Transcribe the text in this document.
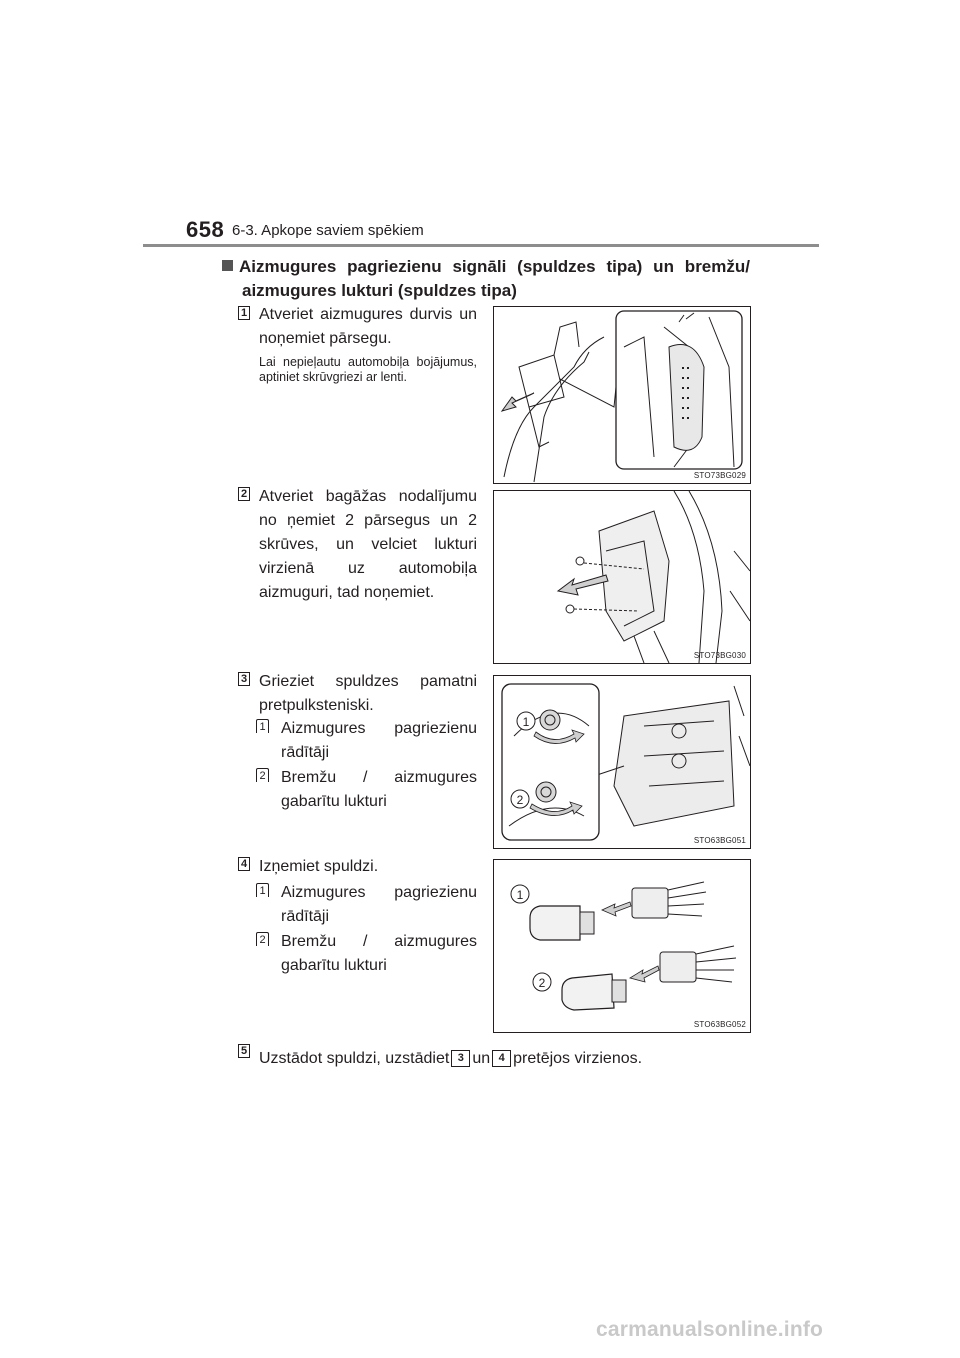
658 6-3. Apkope saviem spēkiem
Aizmugures pagriezienu signāli (spuldzes tipa) un bremžu/
aizmugures lukturi (spuldzes tipa)
1 Atveriet aizmugures durvis un noņemiet pārsegu.
Lai nepieļautu automobiļa bojājumus, aptiniet skrūvgriezi ar lenti.
STO73BG029
2 Atveriet bagāžas nodalījumu no ņemiet 2 pārsegus un 2 skrūves, un velciet lukturi virzienā uz automobiļa aizmuguri, tad noņemiet.
STO73BG030
3 Grieziet spuldzes pamatni pretpulksteniski.
1 Aizmugures pagriezienu rādītāji
2 Bremžu / aizmugures gabarītu lukturi
1
2
STO63BG051
4 Izņemiet spuldzi.
1 Aizmugures pagriezienu rādītāji
2 Bremžu / aizmugures gabarītu lukturi
1
2
STO63BG052
5 Uzstādot spuldzi, uzstādiet 3 un 4 pretējos virzienos.
carmanualsonline.info
